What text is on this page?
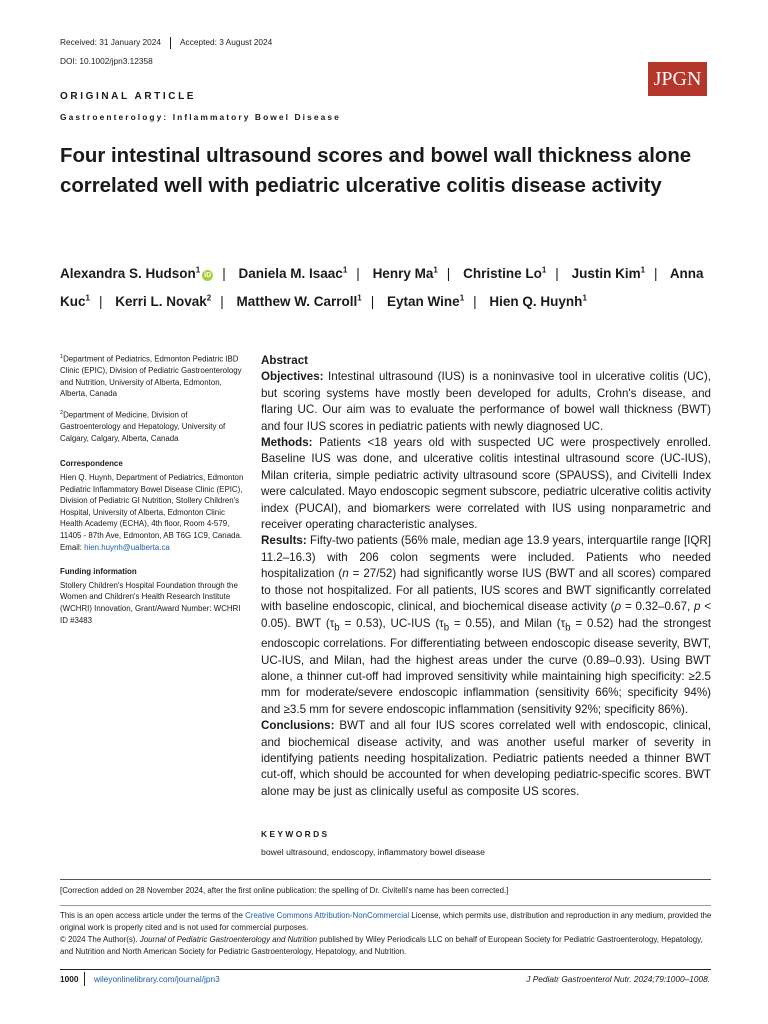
Received: 31 January 2024 Accepted: 3 August 2024
DOI: 10.1002/jpn3.12358
JPGN
ORIGINAL ARTICLE
Gastroenterology: Inflammatory Bowel Disease
Four intestinal ultrasound scores and bowel wall thickness alone correlated well with pediatric ulcerative colitis disease activity
Alexandra S. Hudson$^1$iD | Daniela M. Isaac$^1$ | Henry Ma$^1$ | Christine Lo$^1$ | Justin Kim$^1$ | Anna Kuc$^1$ | Kerri L. Novak$^2$ | Matthew W. Carroll$^1$ | Eytan Wine$^1$ | Hien Q. Huynh$^1$

$^1$Department of Pediatrics, Edmonton Pediatric IBD Clinic (EPIC), Division of Pediatric Gastroenterology and Nutrition, University of Alberta, Edmonton, Alberta, Canada

$^2$Department of Medicine, Division of Gastroenterology and Hepatology, University of Calgary, Calgary, Alberta, Canada

Correspondence
Hien Q. Huynh, Department of Pediatrics, Edmonton Pediatric Inflammatory Bowel Disease Clinic (EPIC), Division of Pediatric GI Nutrition, Stollery Children's Hospital, University of Alberta, Edmonton Clinic Health Academy (ECHA), 4th floor, Room 4-579, 11405 - 87th Ave, Edmonton, AB T6G 1C9, Canada.
Email: hien.huynh@ualberta.ca

Funding information
Stollery Children's Hospital Foundation through the Women and Children's Health Research Institute (WCHRI) Innovation, Grant/Award Number: WCHRI ID #3483

Abstract

Objectives: Intestinal ultrasound (IUS) is a noninvasive tool in ulcerative colitis (UC), but scoring systems have mostly been developed for adults, Crohn's disease, and flaring UC. Our aim was to evaluate the performance of bowel wall thickness (BWT) and four IUS scores in pediatric patients with newly diagnosed UC.

Methods: Patients <18 years old with suspected UC were prospectively enrolled. Baseline IUS was done, and ulcerative colitis intestinal ultrasound score (UC-IUS), Milan criteria, simple pediatric activity ultrasound score (SPAUSS), and Civitelli Index were calculated. Mayo endoscopic segment subscore, pediatric ulcerative colitis activity index (PUCAI), and biomarkers were correlated with IUS using nonparametric and receiver operating characteristic analyses.

Results: Fifty-two patients (56% male, median age 13.9 years, interquartile range [IQR] 11.2–16.3) with 206 colon segments were included. Patients who needed hospitalization (n = 27/52) had significantly worse IUS (BWT and all scores) compared to those not hospitalized. For all patients, IUS scores and BWT significantly correlated with baseline endoscopic, clinical, and biochemical disease activity (ρ = 0.32–0.67, p < 0.05). BWT $(\tau_b = 0.53)$, UC-IUS $(\tau_b = 0.55)$, and Milan $(\tau_b = 0.52)$ had the strongest endoscopic correlations. For differentiating between endoscopic disease severity, BWT, UC-IUS, and Milan, had the highest areas under the curve (0.89–0.93). Using BWT alone, a thinner cut-off had improved sensitivity while maintaining high specificity: ≥2.5 mm for moderate/severe endoscopic inflammation (sensitivity 66%; specificity 94%) and ≥3.5 mm for severe endoscopic inflammation (sensitivity 92%; specificity 86%).

Conclusions: BWT and all four IUS scores correlated well with endoscopic, clinical, and biochemical disease activity, and was another useful marker of severity in identifying patients needing hospitalization. Pediatric patients needed a thinner BWT cut-off, which should be accounted for when developing pediatric-specific scores. BWT alone may be just as clinically useful as composite US scores.

KEYWORDS
bowel ultrasound, endoscopy, inflammatory bowel disease
[Correction added on 28 November 2024, after the first online publication: the spelling of Dr. Civitelli's name has been corrected.]
This is an open access article under the terms of the Creative Commons Attribution-NonCommercial License, which permits use, distribution and reproduction in any medium, provided the original work is properly cited and is not used for commercial purposes.
© 2024 The Author(s). Journal of Pediatric Gastroenterology and Nutrition published by Wiley Periodicals LLC on behalf of European Society for Pediatric Gastroenterology, Hepatology, and Nutrition and North American Society for Pediatric Gastroenterology, Hepatology, and Nutrition.
1000 wileyonlinelibrary.com/journal/jpn3	J Pediatr Gastroenterol Nutr. 2024;79:1000–1008.
